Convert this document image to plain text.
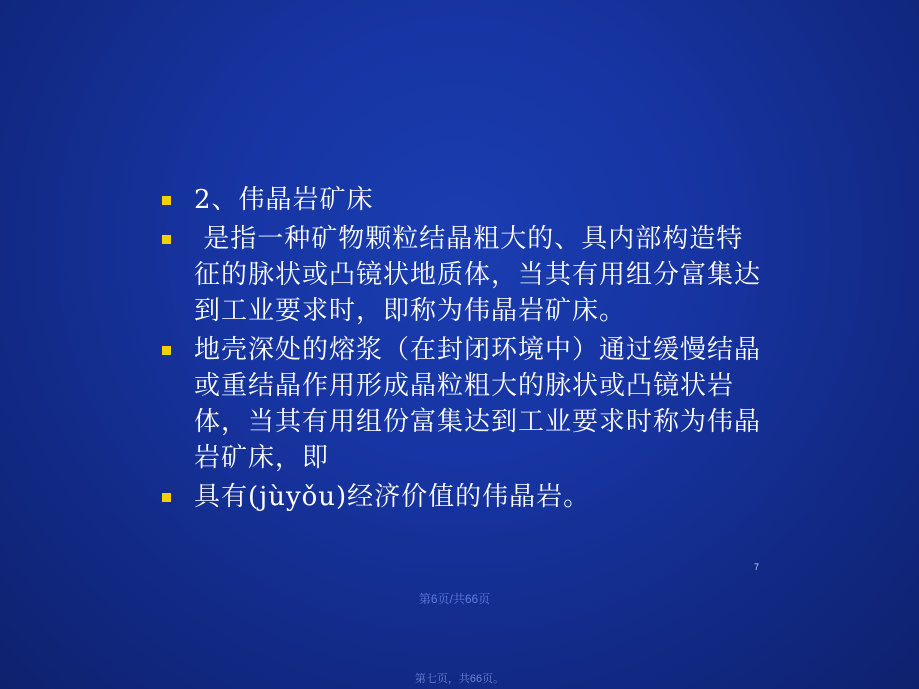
2、伟晶岩矿床
是指一种矿物颗粒结晶粗大的、具内部构造特征的脉状或凸镜状地质体，当其有用组分富集达到工业要求时，即称为伟晶岩矿床。
地壳深处的熔浆（在封闭环境中）通过缓慢结晶或重结晶作用形成晶粒粗大的脉状或凸镜状岩体，当其有用组份富集达到工业要求时称为伟晶岩矿床，即
具有(jùyǒu)经济价值的伟晶岩。
7
第6页/共66页
第七页，共66页。
